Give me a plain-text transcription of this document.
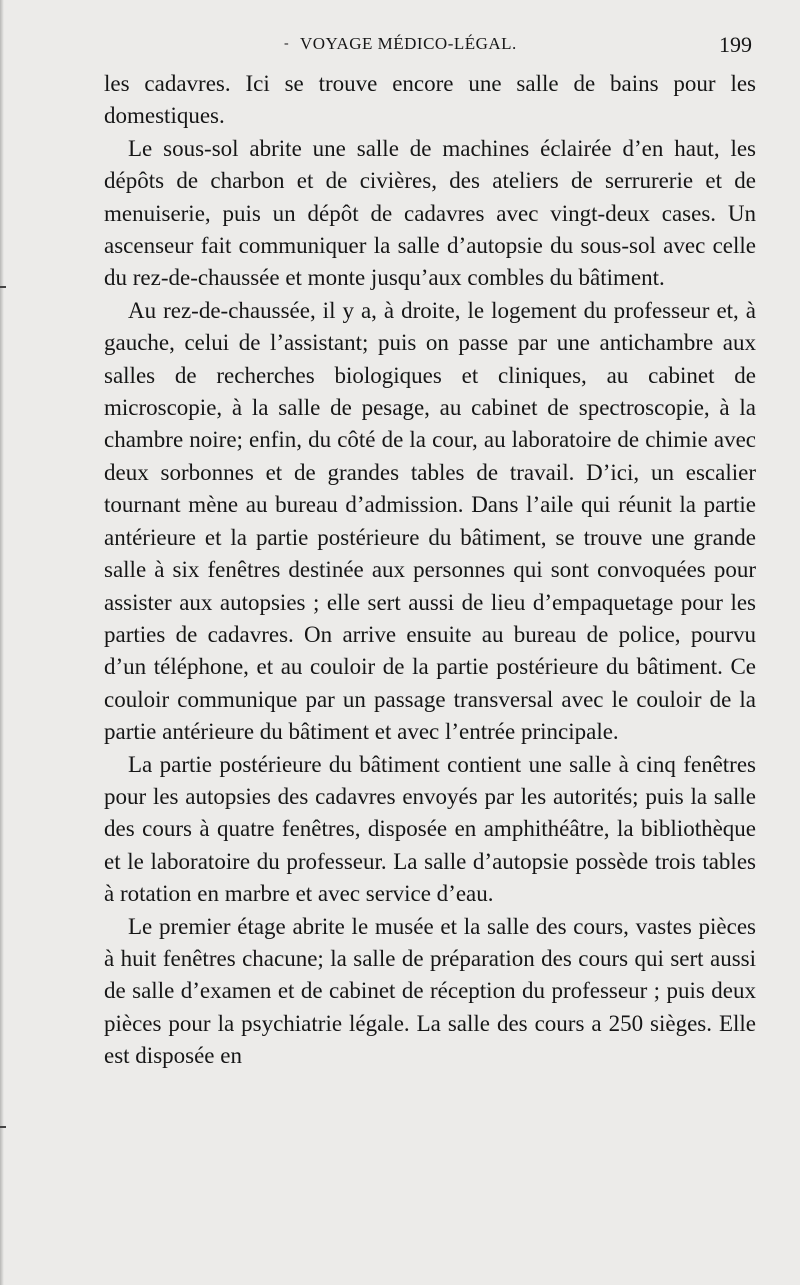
- VOYAGE MÉDICO-LÉGAL.	199

les cadavres. Ici se trouve encore une salle de bains pour les domestiques.

Le sous-sol abrite une salle de machines éclairée d’en haut, les dépôts de charbon et de civières, des ateliers de serrurerie et de menuiserie, puis un dépôt de cadavres avec vingt-deux cases. Un ascenseur fait communiquer la salle d’autopsie du sous-sol avec celle du rez-de-chaussée et monte jusqu’aux combles du bâtiment.

Au rez-de-chaussée, il y a, à droite, le logement du professeur et, à gauche, celui de l’assistant; puis on passe par une antichambre aux salles de recherches biologiques et cliniques, au cabinet de microscopie, à la salle de pesage, au cabinet de spectroscopie, à la chambre noire; enfin, du côté de la cour, au laboratoire de chimie avec deux sorbonnes et de grandes tables de travail. D’ici, un escalier tournant mène au bureau d’admission. Dans l’aile qui réunit la partie antérieure et la partie postérieure du bâtiment, se trouve une grande salle à six fenêtres destinée aux personnes qui sont convoquées pour assister aux autopsies ; elle sert aussi de lieu d’empaquetage pour les parties de cadavres. On arrive ensuite au bureau de police, pourvu d’un téléphone, et au couloir de la partie postérieure du bâtiment. Ce couloir communique par un passage transversal avec le couloir de la partie antérieure du bâtiment et avec l’entrée principale.

La partie postérieure du bâtiment contient une salle à cinq fenêtres pour les autopsies des cadavres envoyés par les autorités; puis la salle des cours à quatre fenêtres, disposée en amphithéâtre, la bibliothèque et le laboratoire du professeur. La salle d’autopsie possède trois tables à rotation en marbre et avec service d’eau.

Le premier étage abrite le musée et la salle des cours, vastes pièces à huit fenêtres chacune; la salle de préparation des cours qui sert aussi de salle d’examen et de cabinet de réception du professeur ; puis deux pièces pour la psychiatrie légale. La salle des cours a 250 sièges. Elle est disposée en
